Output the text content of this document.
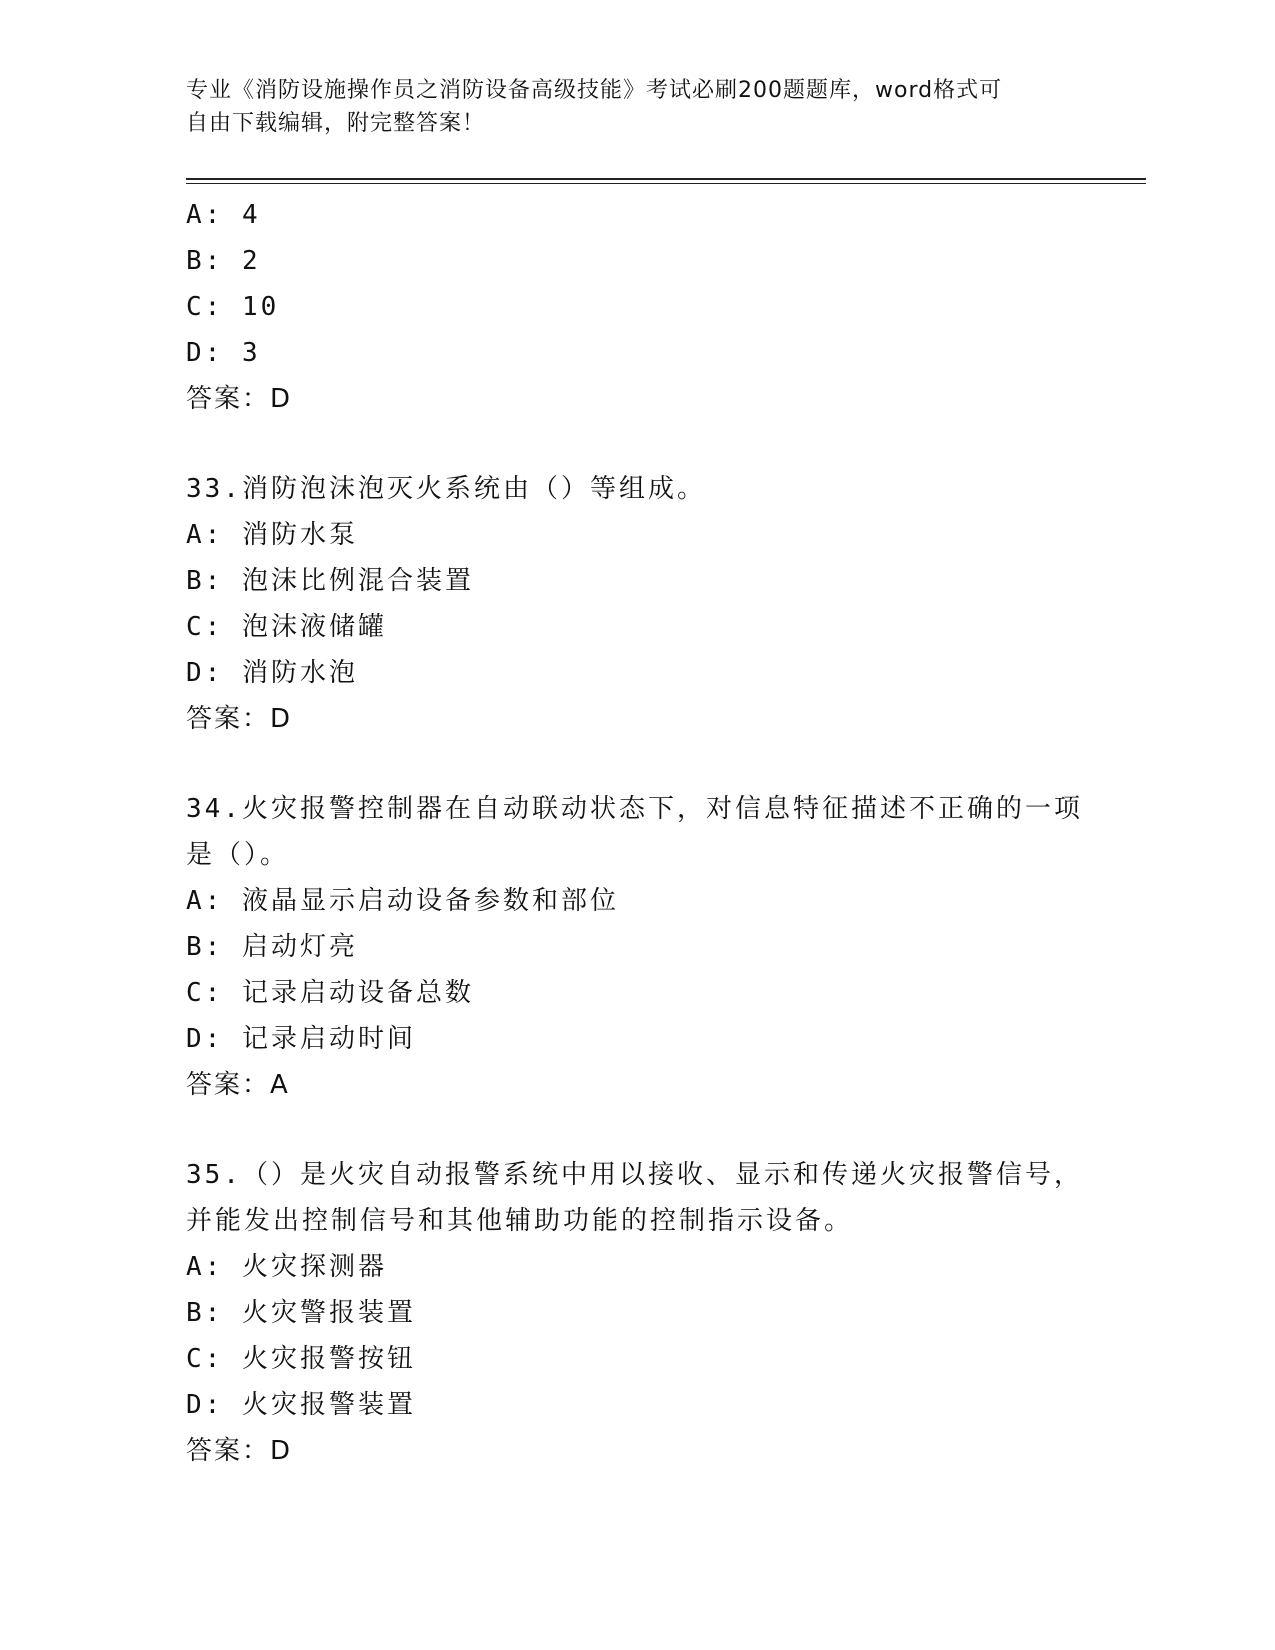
专业《消防设施操作员之消防设备高级技能》考试必刷200题题库，word格式可
自由下载编辑，附完整答案！
A: 4
B: 2
C: 10
D: 3
答案：D
33.消防泡沫泡灭火系统由（）等组成。
A: 消防水泵
B: 泡沫比例混合装置
C: 泡沫液储罐
D: 消防水泡
答案：D
34.火灾报警控制器在自动联动状态下，对信息特征描述不正确的一项
是（）。
A: 液晶显示启动设备参数和部位
B: 启动灯亮
C: 记录启动设备总数
D: 记录启动时间
答案：A
35.（）是火灾自动报警系统中用以接收、显示和传递火灾报警信号，
并能发出控制信号和其他辅助功能的控制指示设备。
A: 火灾探测器
B: 火灾警报装置
C: 火灾报警按钮
D: 火灾报警装置
答案：D
